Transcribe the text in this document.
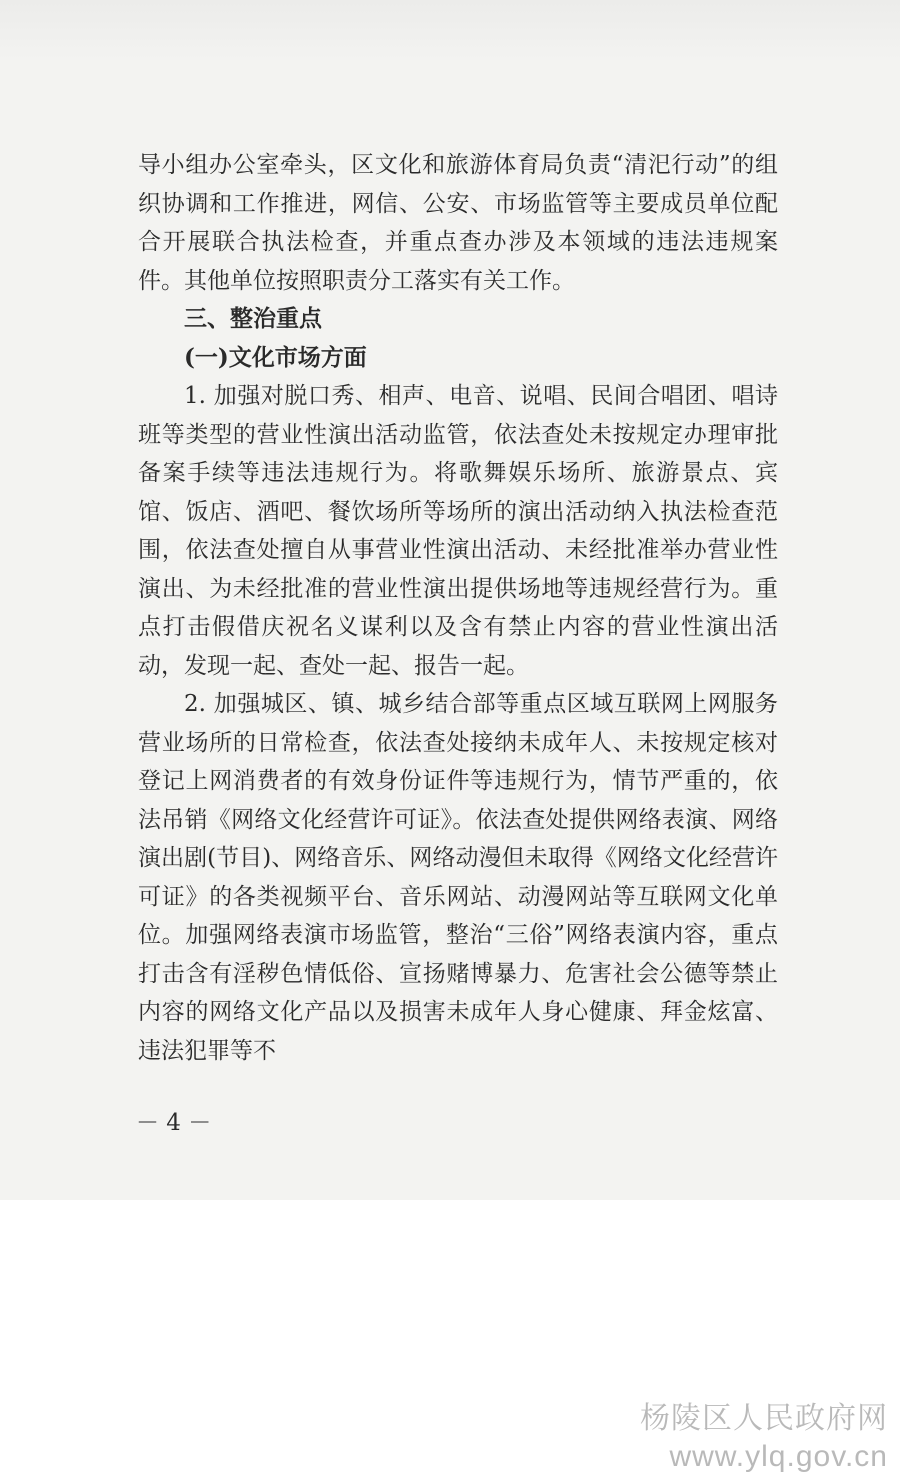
导小组办公室牵头，区文化和旅游体育局负责“清汜行动”的组织协调和工作推进，网信、公安、市场监管等主要成员单位配合开展联合执法检查，并重点查办涉及本领域的违法违规案件。其他单位按照职责分工落实有关工作。

三、整治重点

(一)文化市场方面

1. 加强对脱口秀、相声、电音、说唱、民间合唱团、唱诗班等类型的营业性演出活动监管，依法查处未按规定办理审批备案手续等违法违规行为。将歌舞娱乐场所、旅游景点、宾馆、饭店、酒吧、餐饮场所等场所的演出活动纳入执法检查范围，依法查处擅自从事营业性演出活动、未经批准举办营业性演出、为未经批准的营业性演出提供场地等违规经营行为。重点打击假借庆祝名义谋利以及含有禁止内容的营业性演出活动，发现一起、查处一起、报告一起。

2. 加强城区、镇、城乡结合部等重点区域互联网上网服务营业场所的日常检查，依法查处接纳未成年人、未按规定核对登记上网消费者的有效身份证件等违规行为，情节严重的，依法吊销《网络文化经营许可证》。依法查处提供网络表演、网络演出剧(节目)、网络音乐、网络动漫但未取得《网络文化经营许可证》的各类视频平台、音乐网站、动漫网站等互联网文化单位。加强网络表演市场监管，整治“三俗”网络表演内容，重点打击含有淫秽色情低俗、宣扬赌博暴力、危害社会公德等禁止内容的网络文化产品以及损害未成年人身心健康、拜金炫富、违法犯罪等不

－ 4 －
杨陵区人民政府网
www.ylq.gov.cn
